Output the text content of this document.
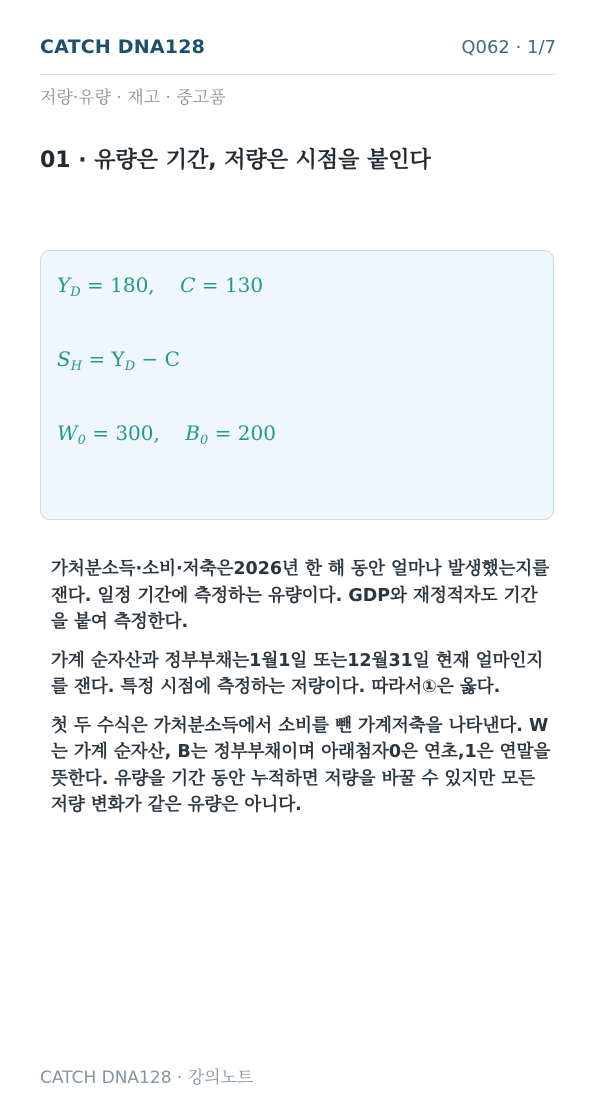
CATCH DNA128	Q062 · 1/7
저량·유량 · 재고 · 중고품
01 · 유량은 기간, 저량은 시점을 붙인다
$Y_D = 180$, C = 130
$S_H = Y_D - C$
$W_0 = 300$, $B_0 = 200$

가처분소득·소비·저축은2026년 한 해 동안 얼마나 발생했는지를 잰다. 일정 기간에 측정하는 유량이다. GDP와 재정적자도 기간을 붙여 측정한다.

가계 순자산과 정부부채는1월1일 또는12월31일 현재 얼마인지를 잰다. 특정 시점에 측정하는 저량이다. 따라서①은 옳다.

첫 두 수식은 가처분소득에서 소비를 뺀 가계저축을 나타낸다. W는 가계 순자산, B는 정부부채이며 아래첨자0은 연초,1은 연말을 뜻한다. 유량을 기간 동안 누적하면 저량을 바꿀 수 있지만 모든 저량 변화가 같은 유량은 아니다.

CATCH DNA128 · 강의노트
